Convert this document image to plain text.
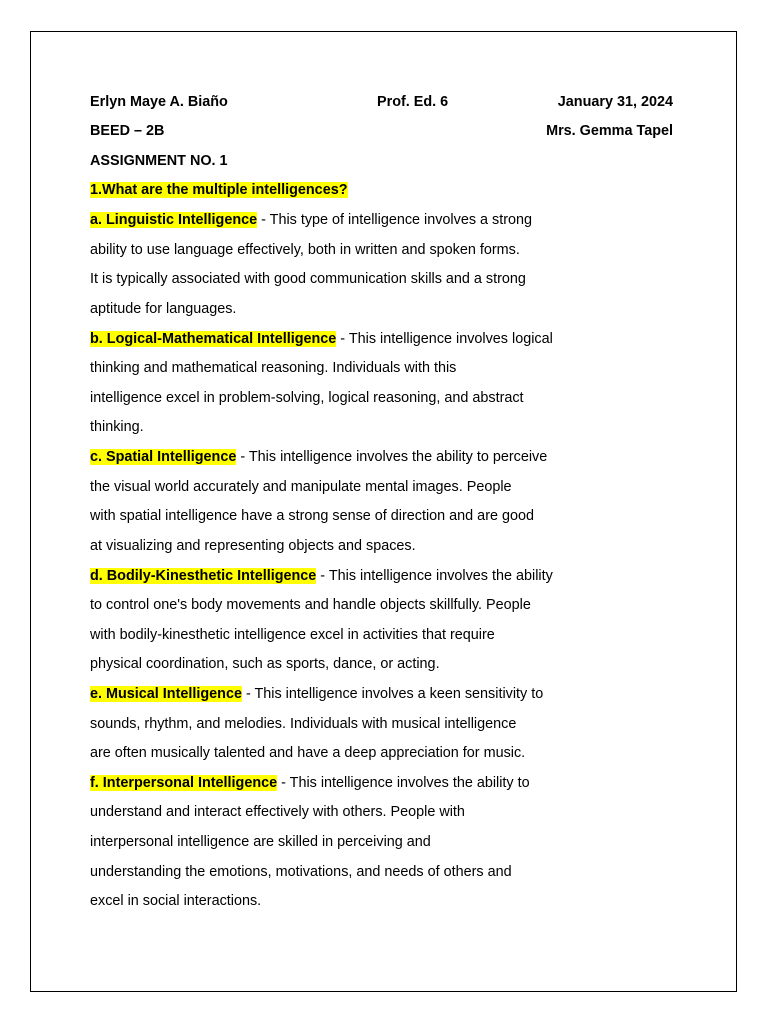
Erlyn Maye A. Biaño	Prof. Ed. 6	January 31, 2024
BEED – 2B	Mrs. Gemma Tapel
ASSIGNMENT NO. 1
1.What are the multiple intelligences?
a. Linguistic Intelligence - This type of intelligence involves a strong
ability to use language effectively, both in written and spoken forms.
It is typically associated with good communication skills and a strong
aptitude for languages.
b. Logical-Mathematical Intelligence - This intelligence involves logical
thinking and mathematical reasoning. Individuals with this
intelligence excel in problem-solving, logical reasoning, and abstract
thinking.
c. Spatial Intelligence - This intelligence involves the ability to perceive
the visual world accurately and manipulate mental images. People
with spatial intelligence have a strong sense of direction and are good
at visualizing and representing objects and spaces.
d. Bodily-Kinesthetic Intelligence - This intelligence involves the ability
to control one's body movements and handle objects skillfully. People
with bodily-kinesthetic intelligence excel in activities that require
physical coordination, such as sports, dance, or acting.
e. Musical Intelligence - This intelligence involves a keen sensitivity to
sounds, rhythm, and melodies. Individuals with musical intelligence
are often musically talented and have a deep appreciation for music.
f. Interpersonal Intelligence - This intelligence involves the ability to
understand and interact effectively with others. People with
interpersonal intelligence are skilled in perceiving and
understanding the emotions, motivations, and needs of others and
excel in social interactions.
